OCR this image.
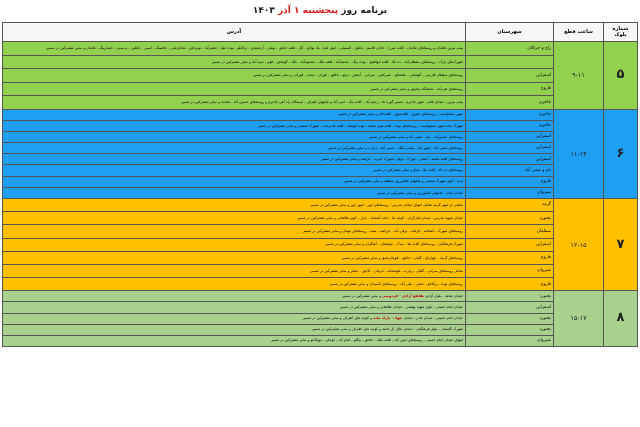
برنامه روز پنجشنبه ۱ آذر ۱۴۰۳
شماره بلوک	ساعت قطع	شهرستان	آدرس
۵	۹-۱۱	زاج و جرکلان	پمپ بنزین غلامان و روستاهای غلامان - کلاته میرزا - حاجی قاسم - باغلق - الستبلی - اینق علیا - یک بولاق - گل - قلعه خانلق - توتلی - آرجمندی - ترکانلو - نوده علیا - جعفرآباد - نودوجاق - شادی‌ملی - جالقینگ - اسپی - جلکین - تی‌سنی - حصاربیگ - غلامان و سایر مشترکین در مسیر
			شهرک‌های پارک - روستاهای سلطان‌آباد - ده بالا - کلاته ابوالفتح - نوده زنگ - محمدآباد - قلعه ملک - محمودآباد - تلک - گوماش - قوم - سید آباد و سایر مشترکین در مسیر
		اسفراین	روستاهای سلطان فارسی - گوشکی - ملاصالح - شیرکش - سرخی - آبخش - دولو - باغلق - کوران - بندان - قورانی و سایر مشترکین در مسیر
		فاروج	روستاهای تقی‌آباد - دانشگاه پیام‌نور و سایر مشترکین در مسیر
		جاجرم	پمپ بنزین - خیابان قائم - شهر جاجرم - مسیر گوره ها - رحیم آباد - کلاته نیک - امیر آباد و چاههای اطراف - ایستگاه راه آهن جاجرم و روستاهای حسین آباد - شانده و سایر مشترکین در مسیر
۶	۱۱-۱۴	جاجرم	شهر سنخواست - روستاهای چقری - قلعه‌جوق - قلعه‌خان و سایر مشترکین در مسیر
		جاجرم	شهرک جاده شهر سنخواست - روستاهای نوده - کلاته شیر محمد - نوده کوشک - کلاته تک‌درخت - شهرک صنعتی و سایر مشترکین در مسیر
		اسفراین	روستاهای عباس‌آباد - بام - صفی آباد و سایر مشترکین در مسیر
		اسفراین	روستاهای صفی آباد - شهر آباد - پشتی پلنگ - حسن آباد - زیارت و سایر مشترکین در مسیر
		اسفراین	روستاهای کلاته محمد - آبشار - جوزک - دولو - شهرک خیریه - خراشه و سایر مشترکین در مسیر
		بام و صفی آباد	روستاهای ده بالا - کلاته ملا - هپاچ و سایر مشترکین در مسیر
		فاروج	ازنم - کوی شهرک صنعتی و چاههای کشاورزی منطقه و سایر مشترکین در مسیر
		شیروان	خیابان امام - چاههای کشاورزی و سایر مشترکین در مسیر
۷	۱۲-۱۵	گرمه	بخشی از شهر گرمه شامل انتهای خیابان مدرس - روستاهای ایور - شهر ایور و سایر مشترکین در مسیر
		بجنورد	خیابان شهید مدرس - میدان ایثارگران - کوچه ها - جاده آشخانه - بازار - کوی طالقانی و سایر مشترکین در مسیر
		سملقان	روستاهای شهرک - آشخانه - قزلجه - ترقی آباد - خراشه - پنجه - روستاهای مهنان و سایر مشترکین در مسیر
		اسفراین	شهرک فرهنگیان - روستاهای کلاته ملا - بیدک - جوشقان - آهنگران و سایر مشترکین در مسیر
		فاروج	روستاهای گرمه - چهارباغ - گلیان - خانلق - قوچان‌عتیق و سایر مشترکین در مسیر
		شیروان	شامل روستاهای سرانی - گلیان - زیارت - قوشخانه - ایزمان - آلاجق - حصار و سایر مشترکین در مسیر
		فاروج	روستاهای نوده - پرکانلو - حصار - علی آباد - روستاهای کسیدان و سایر مشترکین در مسیر
۸	۱۵-۱۷	بجنورد	خیابان شاهد - بلوار آزادی تقاطع آزادی - فردوسی و سایر مشترکین در مسیر
		اسفراین	خیابان امام خمینی - بلوار شهید بهشتی - خیابان طالقانی و سایر مشترکین در مسیر
		بجنورد	خیابان امام خمینی - میدان مادر - خیابان جهاد - پارک ملت و کوچه های اطراف و سایر مشترکین در مسیر
		بجنورد	شهرک گلستان - بلوار فرهنگیان - خیابان جلال آل احمد و کوچه های اطراف و سایر مشترکین در مسیر
		شیروان	انتهای خیابان امام خمینی - روستاهای ایمن آباد - قلعه ملک - خانلق - بیگلو - امام آباد - لوجلی - توپکانلو و سایر مشترکین در مسیر
